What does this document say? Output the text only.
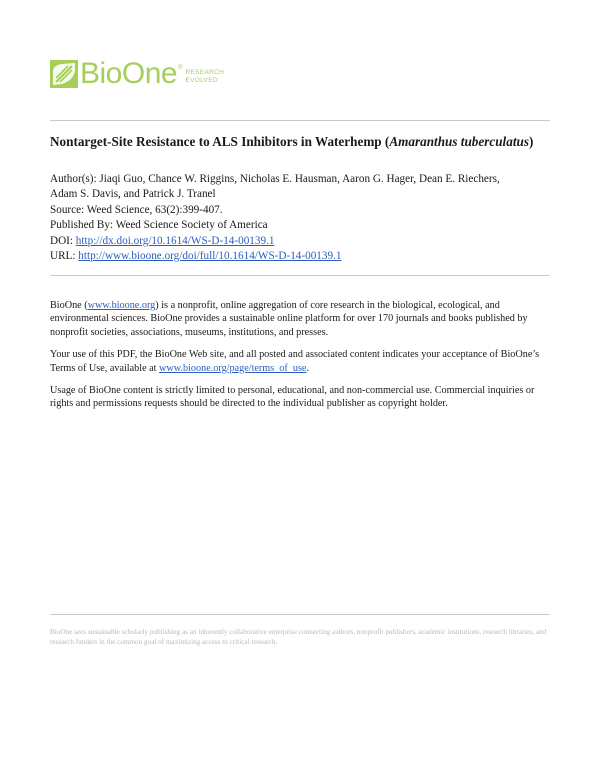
BioOne ®
RESEARCH
EVOLVED
Nontarget-Site Resistance to ALS Inhibitors in Waterhemp (Amaranthus tuberculatus)
Author(s): Jiaqi Guo, Chance W. Riggins, Nicholas E. Hausman, Aaron G. Hager, Dean E. Riechers,
Adam S. Davis, and Patrick J. Tranel
Source: Weed Science, 63(2):399-407.
Published By: Weed Science Society of America
DOI: http://dx.doi.org/10.1614/WS-D-14-00139.1
URL: http://www.bioone.org/doi/full/10.1614/WS-D-14-00139.1

BioOne (www.bioone.org) is a nonprofit, online aggregation of core research in the biological, ecological, and environmental sciences. BioOne provides a sustainable online platform for over 170 journals and books published by nonprofit societies, associations, museums, institutions, and presses.

Your use of this PDF, the BioOne Web site, and all posted and associated content indicates your acceptance of BioOne’s Terms of Use, available at www.bioone.org/page/terms_of_use.

Usage of BioOne content is strictly limited to personal, educational, and non-commercial use. Commercial inquiries or rights and permissions requests should be directed to the individual publisher as copyright holder.

BioOne sees sustainable scholarly publishing as an inherently collaborative enterprise connecting authors, nonprofit publishers, academic institutions, research libraries, and research funders in the common goal of maximizing access to critical research.
